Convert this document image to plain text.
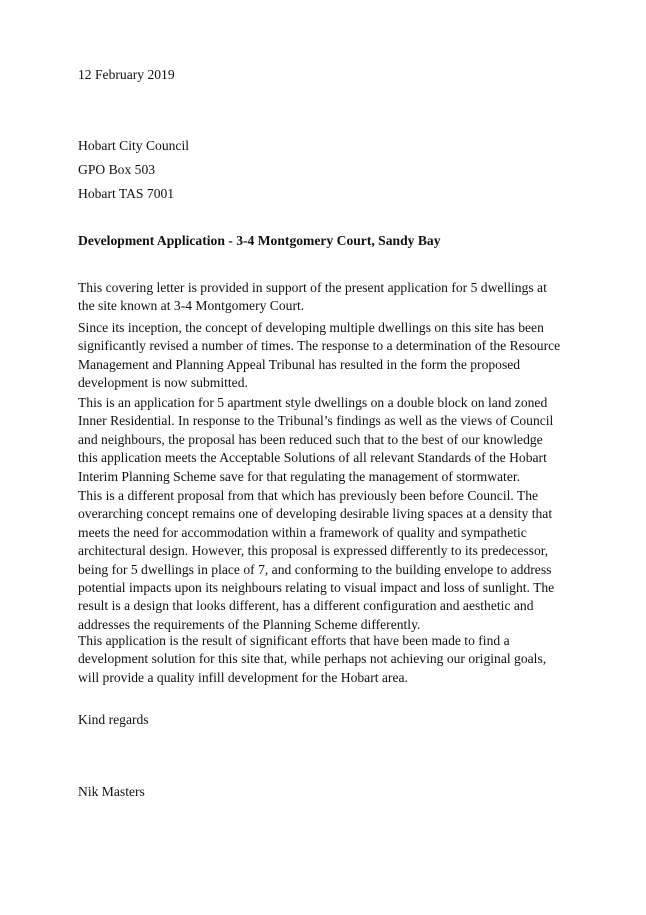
12 February 2019
Hobart City Council
GPO Box 503
Hobart TAS 7001
Development Application - 3-4 Montgomery Court, Sandy Bay
This covering letter is provided in support of the present application for 5 dwellings at
the site known at 3-4 Montgomery Court.
Since its inception, the concept of developing multiple dwellings on this site has been
significantly revised a number of times. The response to a determination of the Resource
Management and Planning Appeal Tribunal has resulted in the form the proposed
development is now submitted.
This is an application for 5 apartment style dwellings on a double block on land zoned
Inner Residential. In response to the Tribunal’s findings as well as the views of Council
and neighbours, the proposal has been reduced such that to the best of our knowledge
this application meets the Acceptable Solutions of all relevant Standards of the Hobart
Interim Planning Scheme save for that regulating the management of stormwater.
This is a different proposal from that which has previously been before Council. The
overarching concept remains one of developing desirable living spaces at a density that
meets the need for accommodation within a framework of quality and sympathetic
architectural design. However, this proposal is expressed differently to its predecessor,
being for 5 dwellings in place of 7, and conforming to the building envelope to address
potential impacts upon its neighbours relating to visual impact and loss of sunlight. The
result is a design that looks different, has a different configuration and aesthetic and
addresses the requirements of the Planning Scheme differently.
This application is the result of significant efforts that have been made to find a
development solution for this site that, while perhaps not achieving our original goals,
will provide a quality infill development for the Hobart area.
Kind regards
Nik Masters
